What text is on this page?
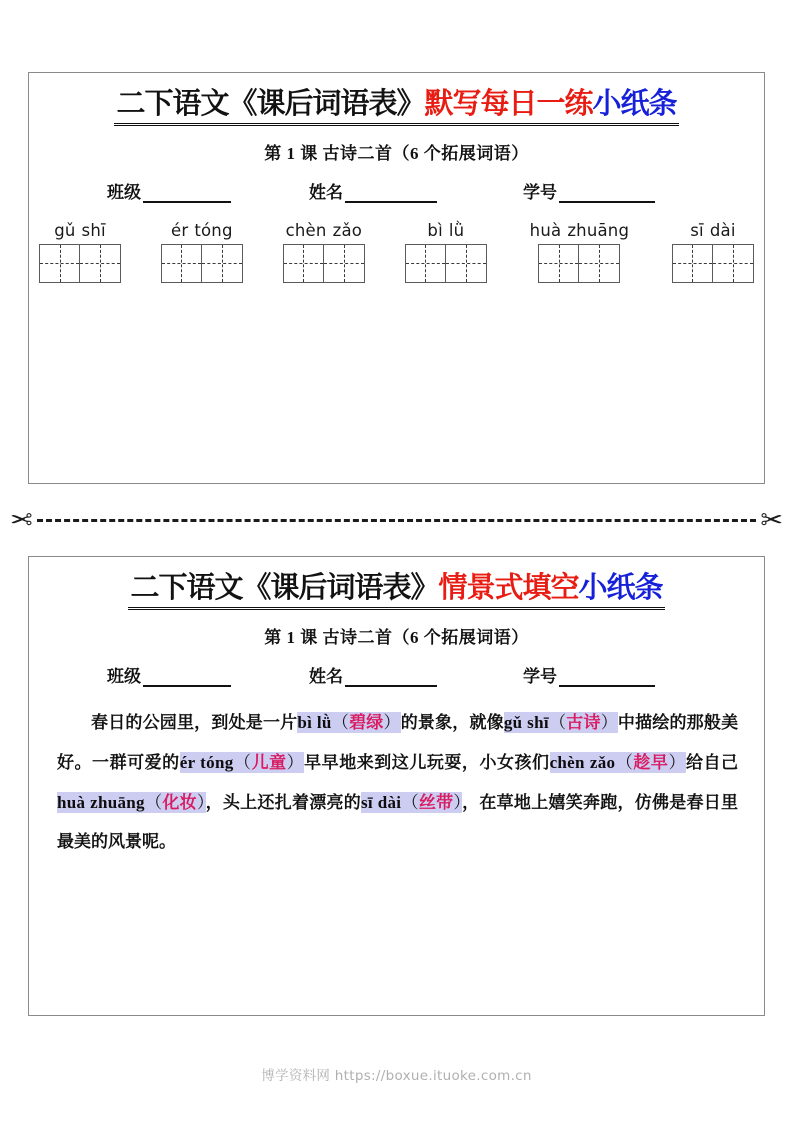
二下语文《课后词语表》默写每日一练小纸条
第 1 课 古诗二首（6 个拓展词语）
班级	姓名	学号
gǔ shī	ér tóng	chèn zǎo	bì lǜ	huà zhuāng	sī dài
✂	✂
二下语文《课后词语表》情景式填空小纸条
第 1 课 古诗二首（6 个拓展词语）
班级	姓名	学号
春日的公园里，到处是一片bì lǜ（碧绿）的景象，就像gǔ shī（古诗）中描绘的那般美好。一群可爱的ér tóng（儿童）早早地来到这儿玩耍，小女孩们chèn zǎo（趁早）给自己huà zhuāng（化妆），头上还扎着漂亮的sī dài（丝带），在草地上嬉笑奔跑，仿佛是春日里最美的风景呢。
博学资料网 https://boxue.ituoke.com.cn
